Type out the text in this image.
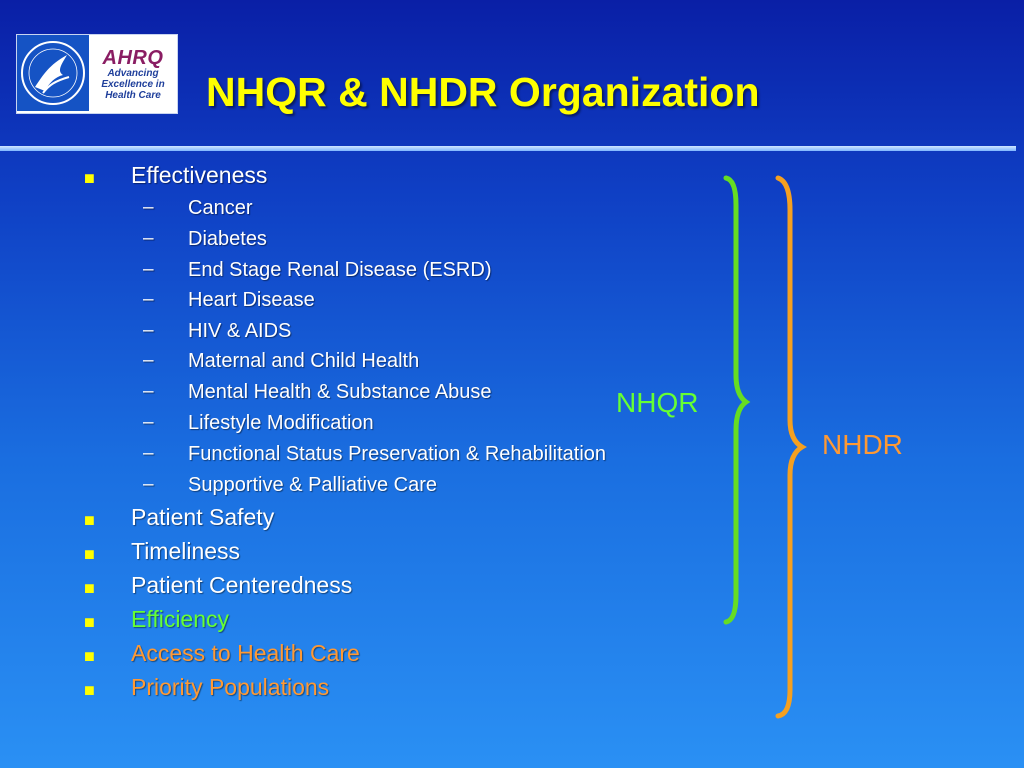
AHRQ
Advancing
Excellence in
Health Care NHQR & NHDR Organization
■ Effectiveness
– Cancer
– Diabetes
– End Stage Renal Disease (ESRD)
– Heart Disease
– HIV & AIDS
– Maternal and Child Health
– Mental Health & Substance Abuse
– Lifestyle Modification
– Functional Status Preservation & Rehabilitation
– Supportive & Palliative Care
■ Patient Safety
■ Timeliness
■ Patient Centeredness
■ Efficiency
■ Access to Health Care
■ Priority Populations
NHQR
NHDR
